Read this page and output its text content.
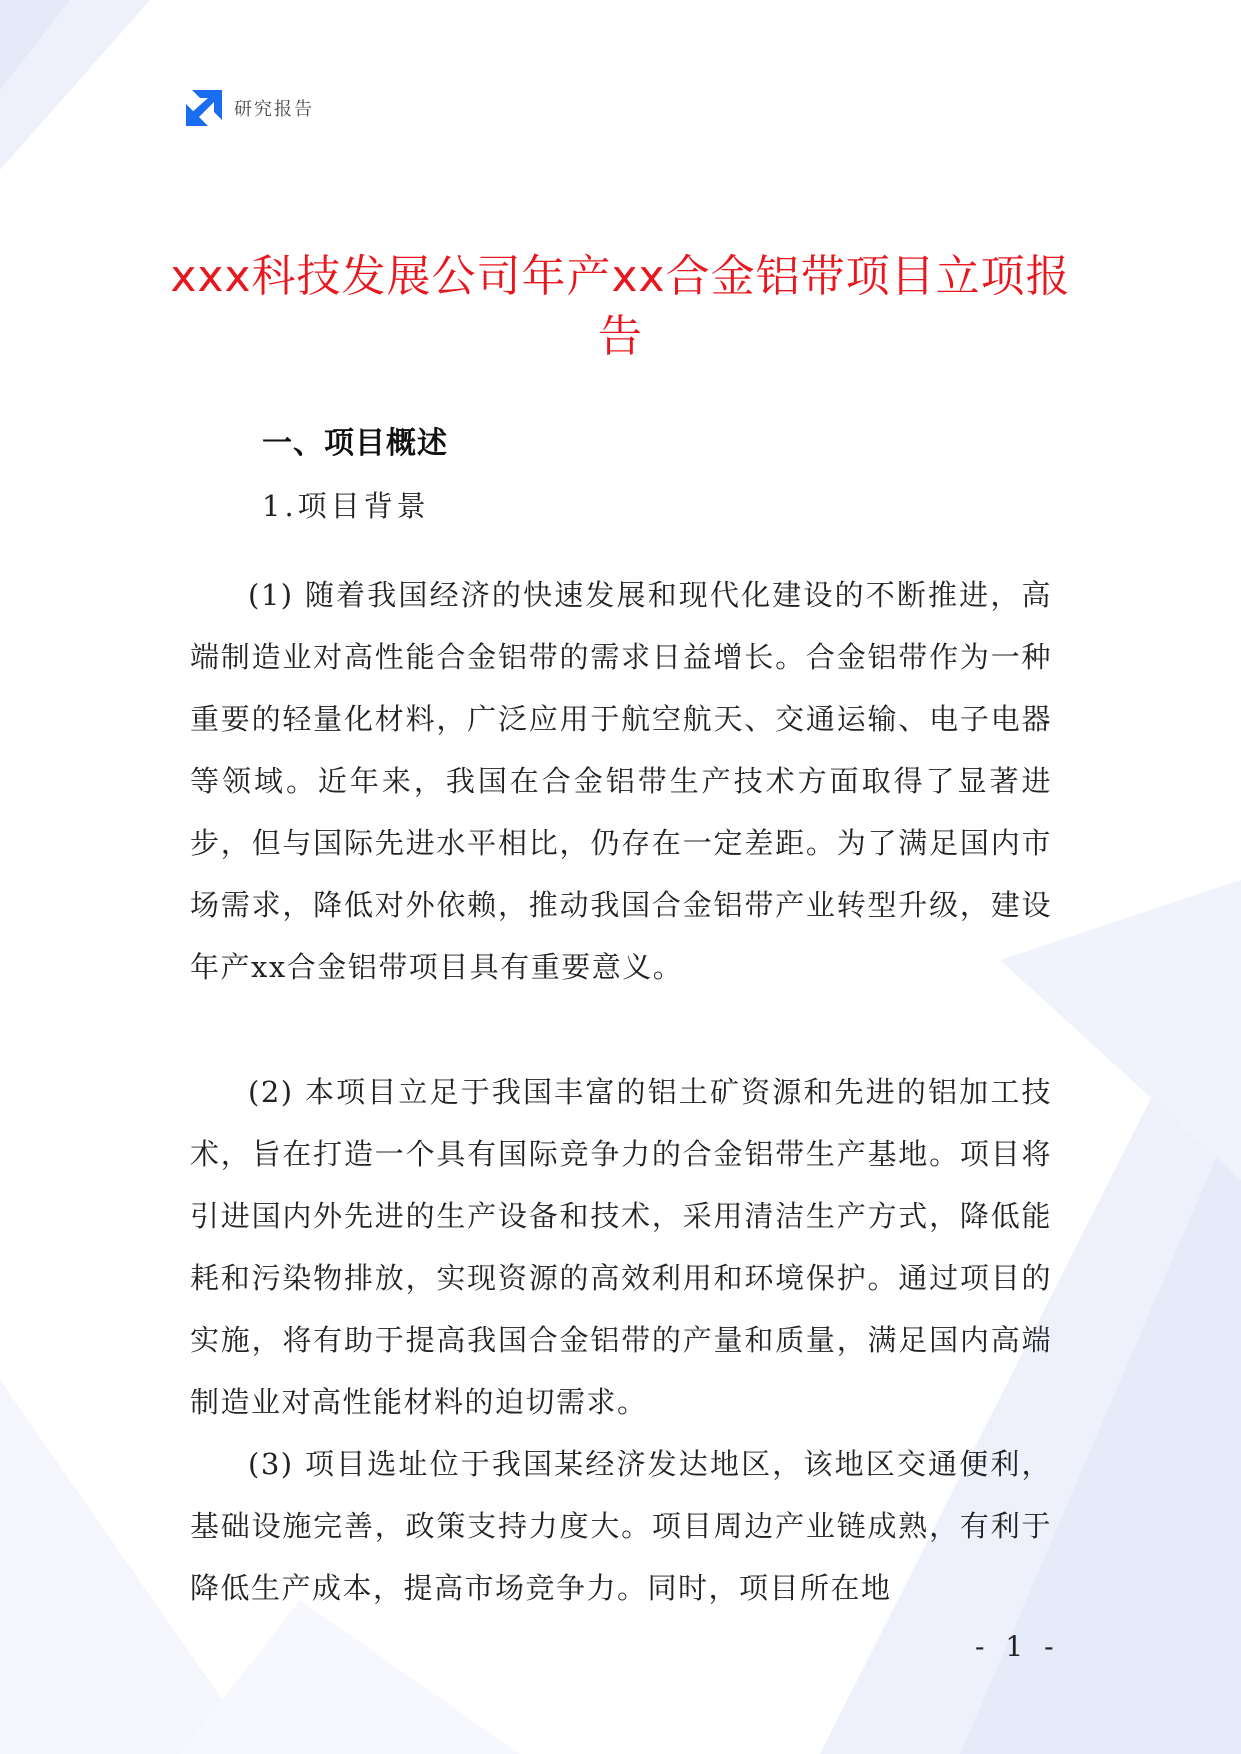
研究报告
xxx科技发展公司年产xx合金铝带项目立项报告
一、项目概述
1.项目背景

(1) 随着我国经济的快速发展和现代化建设的不断推进，高端制造业对高性能合金铝带的需求日益增长。合金铝带作为一种重要的轻量化材料，广泛应用于航空航天、交通运输、电子电器等领域。近年来，我国在合金铝带生产技术方面取得了显著进步，但与国际先进水平相比，仍存在一定差距。为了满足国内市场需求，降低对外依赖，推动我国合金铝带产业转型升级，建设年产xx合金铝带项目具有重要意义。

(2) 本项目立足于我国丰富的铝土矿资源和先进的铝加工技术，旨在打造一个具有国际竞争力的合金铝带生产基地。项目将引进国内外先进的生产设备和技术，采用清洁生产方式，降低能耗和污染物排放，实现资源的高效利用和环境保护。通过项目的实施，将有助于提高我国合金铝带的产量和质量，满足国内高端制造业对高性能材料的迫切需求。

(3) 项目选址位于我国某经济发达地区，该地区交通便利，基础设施完善，政策支持力度大。项目周边产业链成熟，有利于降低生产成本，提高市场竞争力。同时，项目所在地

- 1 -
